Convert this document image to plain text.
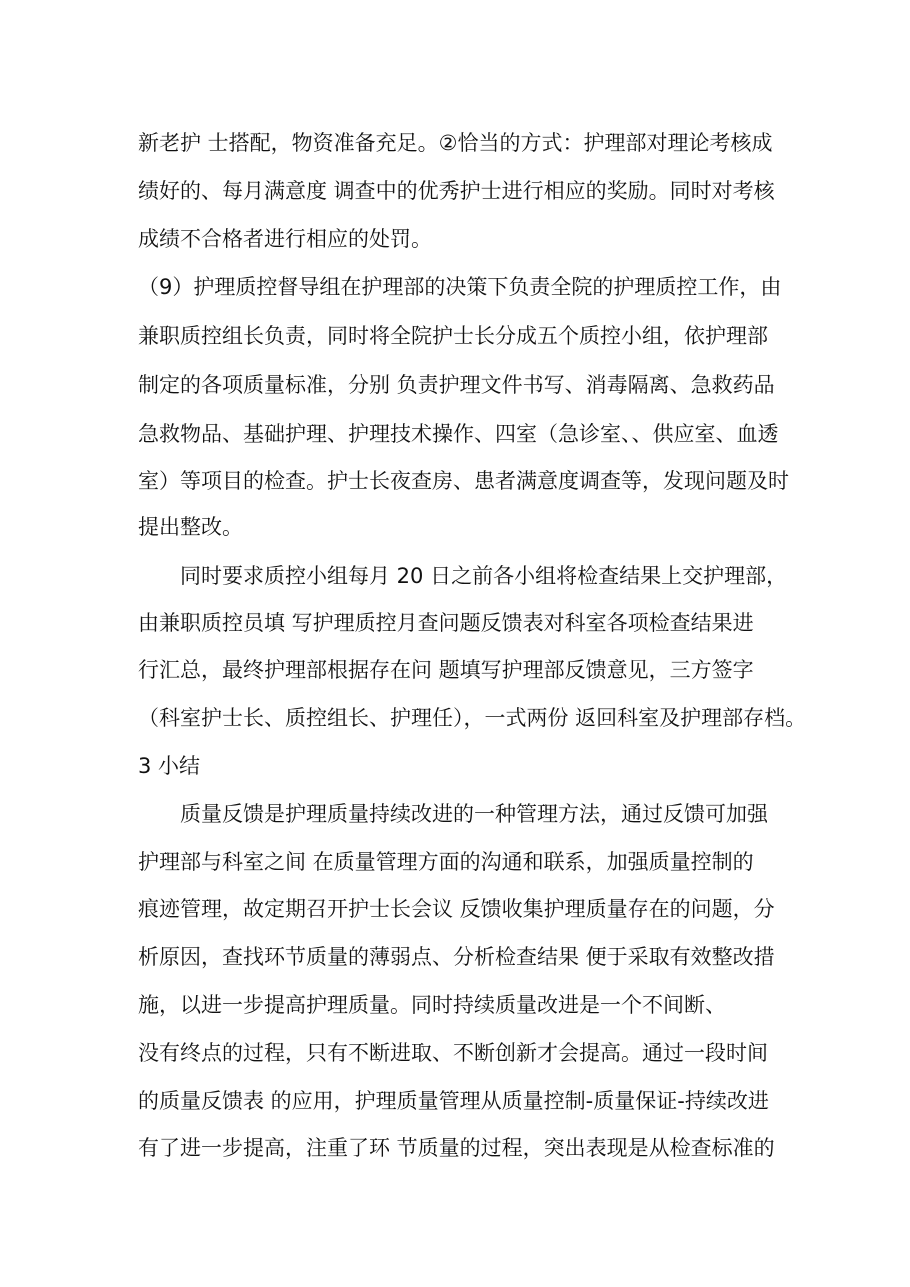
新老护 士搭配，物资准备充足。②恰当的方式：护理部对理论考核成
绩好的、每月满意度 调查中的优秀护士进行相应的奖励。同时对考核
成绩不合格者进行相应的处罚。
（9）护理质控督导组在护理部的决策下负责全院的护理质控工作，由
兼职质控组长负责，同时将全院护士长分成五个质控小组，依护理部
制定的各项质量标准，分别 负责护理文件书写、消毒隔离、急救药品
急救物品、基础护理、护理技术操作、四室（急诊室、、供应室、血透
室）等项目的检查。护士长夜查房、患者满意度调查等，发现问题及时
提出整改。
同时要求质控小组每月 20 日之前各小组将检查结果上交护理部，
由兼职质控员填 写护理质控月查问题反馈表对科室各项检查结果进
行汇总，最终护理部根据存在问 题填写护理部反馈意见，三方签字
（科室护士长、质控组长、护理任），一式两份 返回科室及护理部存档。
3 小结
质量反馈是护理质量持续改进的一种管理方法，通过反馈可加强
护理部与科室之间 在质量管理方面的沟通和联系，加强质量控制的
痕迹管理，故定期召开护士长会议 反馈收集护理质量存在的问题，分
析原因，查找环节质量的薄弱点、分析检查结果 便于采取有效整改措
施，以进一步提高护理质量。同时持续质量改进是一个不间断、
没有终点的过程，只有不断进取、不断创新才会提高。通过一段时间
的质量反馈表 的应用，护理质量管理从质量控制-质量保证-持续改进
有了进一步提高，注重了环 节质量的过程，突出表现是从检查标准的
